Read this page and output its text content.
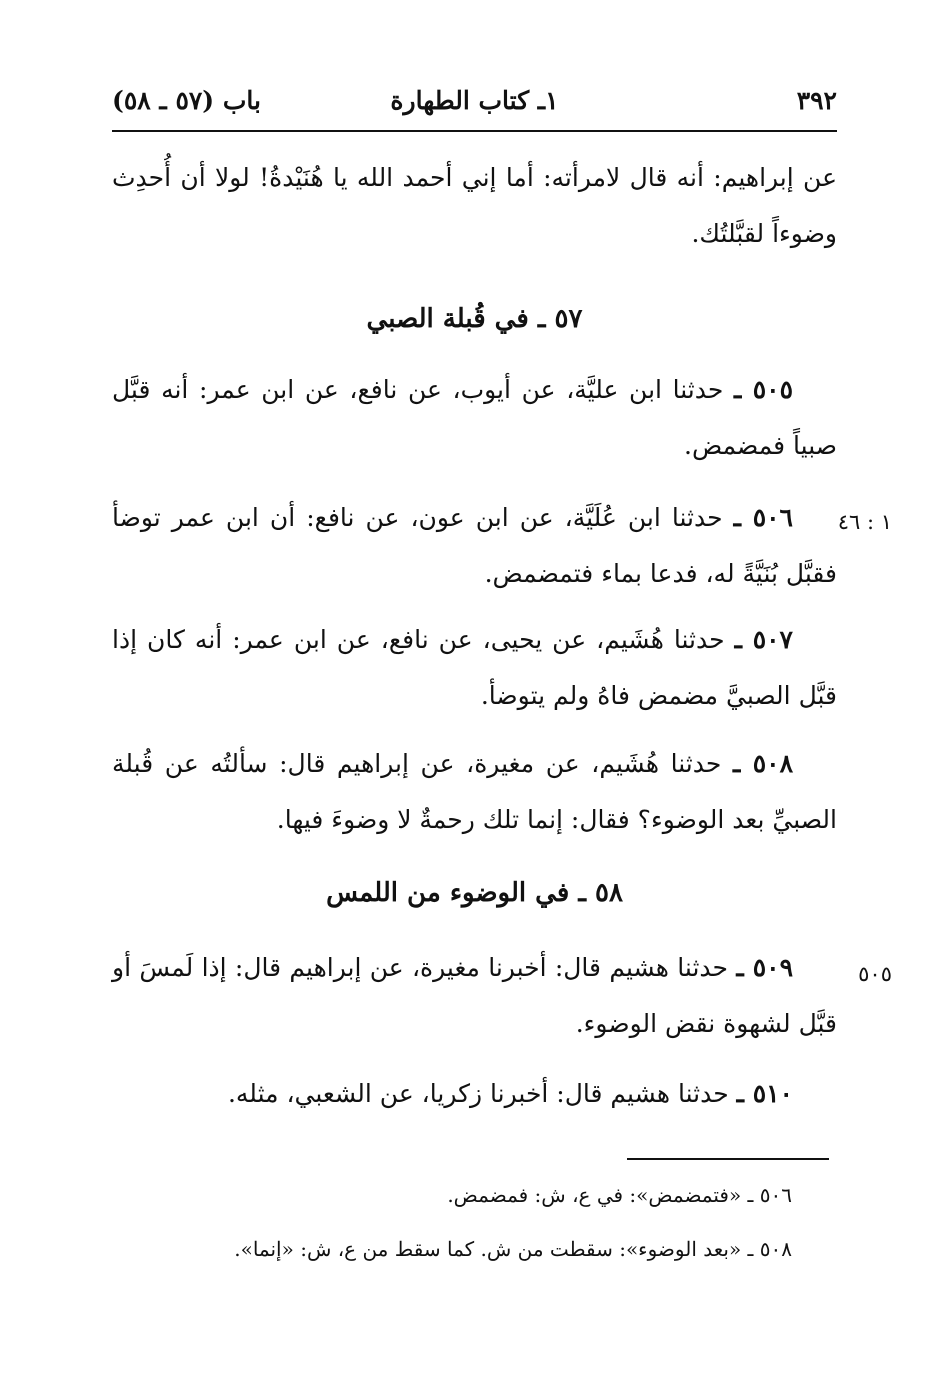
٣٩٢
١ـ كتاب الطهارة
باب (٥٧ ـ ٥٨)

عن إبراهيم: أنه قال لامرأته: أما إني أحمد الله يا هُنَيْدةُ! لولا أن أُحدِث وضوءاً لقبَّلتُك.

٥٧ ـ في قُبلة الصبي

٥٠٥ ـ حدثنا ابن عليَّة، عن أيوب، عن نافع، عن ابن عمر: أنه قبَّل صبياً فمضمض.

٥٠٦ ـ حدثنا ابن عُلَيَّة، عن ابن عون، عن نافع: أن ابن عمر توضأ فقبَّل بُنَيَّةً له، فدعا بماء فتمضمض.

١ : ٤٦

٥٠٧ ـ حدثنا هُشَيم، عن يحيى، عن نافع، عن ابن عمر: أنه كان إذا قبَّل الصبيَّ مضمض فاهُ ولم يتوضأ.

٥٠٨ ـ حدثنا هُشَيم، عن مغيرة، عن إبراهيم قال: سألتُه عن قُبلة الصبيِّ بعد الوضوء؟ فقال: إنما تلك رحمةٌ لا وضوءَ فيها.

٥٨ ـ في الوضوء من اللمس

٥٠٩ ـ حدثنا هشيم قال: أخبرنا مغيرة، عن إبراهيم قال: إذا لَمسَ أو قبَّل لشهوة نقض الوضوء.

٥٠٥

٥١٠ ـ حدثنا هشيم قال: أخبرنا زكريا، عن الشعبي، مثله.

٥٠٦ ـ «فتمضمض»: في ع، ش: فمضمض.
٥٠٨ ـ «بعد الوضوء»: سقطت من ش. كما سقط من ع، ش: «إنما».
